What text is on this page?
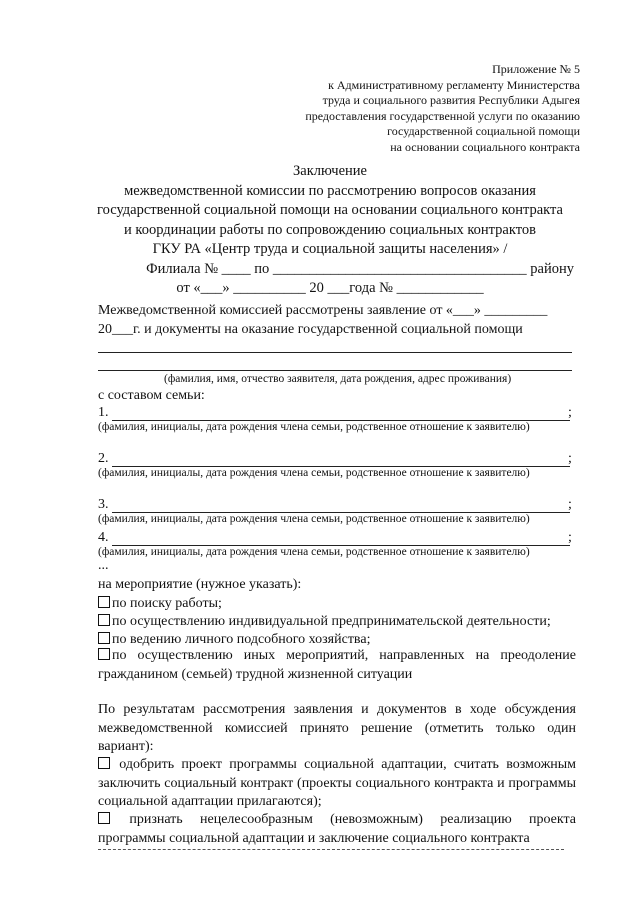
Приложение № 5
к Административному регламенту Министерства
труда и социального развития Республики Адыгея
предоставления государственной услуги по оказанию
государственной социальной помощи
на основании социального контракта
Заключение
межведомственной комиссии по рассмотрению вопросов оказания
государственной социальной помощи на основании социального контракта
и координации работы по сопровождению социальных контрактов
ГКУ РА «Центр труда и социальной защиты населения» /
Филиала № ____ по ___________________________________ району
от «___» __________ 20 ___года № ____________
Межведомственной комиссией рассмотрены заявление от «___» _________
20___г. и документы на оказание государственной социальной помощи
(фамилия, имя, отчество заявителя, дата рождения, адрес проживания)
с составом семьи:
1.	;
(фамилия, инициалы, дата рождения члена семьи, родственное отношение к заявителю)
2.	;
(фамилия, инициалы, дата рождения члена семьи, родственное отношение к заявителю)
3.	;
(фамилия, инициалы, дата рождения члена семьи, родственное отношение к заявителю)
4.	;
(фамилия, инициалы, дата рождения члена семьи, родственное отношение к заявителю)
...
на мероприятие (нужное указать):
по поиску работы;
по осуществлению индивидуальной предпринимательской деятельности;
по ведению личного подсобного хозяйства;
по осуществлению иных мероприятий, направленных на преодоление гражданином (семьей) трудной жизненной ситуации
По результатам рассмотрения заявления и документов в ходе обсуждения межведомственной комиссией принято решение (отметить только один вариант):
одобрить проект программы социальной адаптации, считать возможным заключить социальный контракт (проекты социального контракта и программы социальной адаптации прилагаются);
признать нецелесообразным (невозможным) реализацию проекта программы социальной адаптации и заключение социального контракта
